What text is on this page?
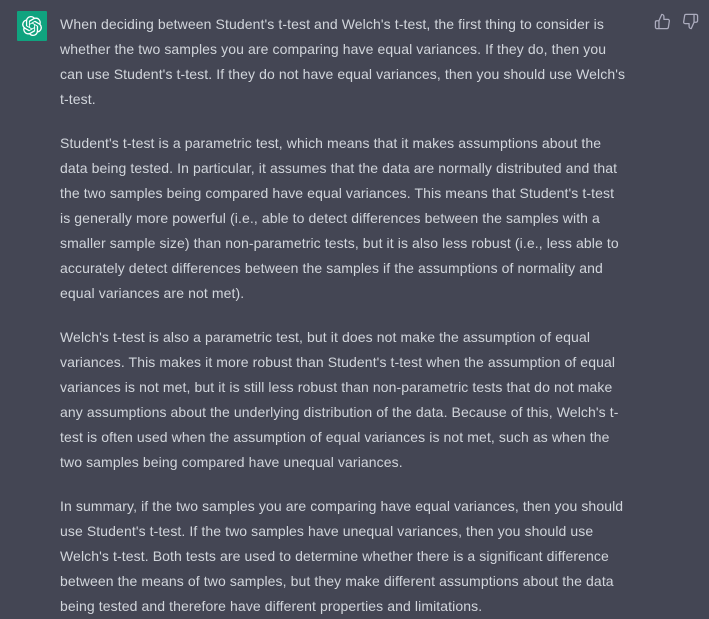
When deciding between Student's t-test and Welch's t-test, the first thing to consider is
whether the two samples you are comparing have equal variances. If they do, then you
can use Student's t-test. If they do not have equal variances, then you should use Welch's
t-test.
Student's t-test is a parametric test, which means that it makes assumptions about the
data being tested. In particular, it assumes that the data are normally distributed and that
the two samples being compared have equal variances. This means that Student's t-test
is generally more powerful (i.e., able to detect differences between the samples with a
smaller sample size) than non-parametric tests, but it is also less robust (i.e., less able to
accurately detect differences between the samples if the assumptions of normality and
equal variances are not met).
Welch's t-test is also a parametric test, but it does not make the assumption of equal
variances. This makes it more robust than Student's t-test when the assumption of equal
variances is not met, but it is still less robust than non-parametric tests that do not make
any assumptions about the underlying distribution of the data. Because of this, Welch's t-
test is often used when the assumption of equal variances is not met, such as when the
two samples being compared have unequal variances.
In summary, if the two samples you are comparing have equal variances, then you should
use Student's t-test. If the two samples have unequal variances, then you should use
Welch's t-test. Both tests are used to determine whether there is a significant difference
between the means of two samples, but they make different assumptions about the data
being tested and therefore have different properties and limitations.
